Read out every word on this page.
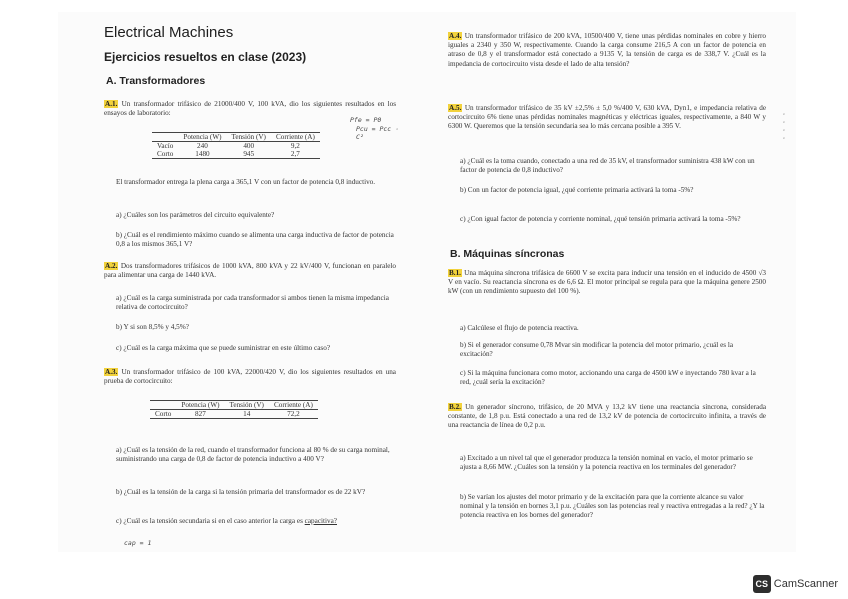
Electrical Machines
Ejercicios resueltos en clase (2023)
A. Transformadores
A.1. Un transformador trifásico de 21000/400 V, 100 kVA, dio los siguientes resultados en los ensayos de laboratorio:
Pfe = P0
Pcu = Pcc · C²
	Potencia (W)	Tensión (V)	Corriente (A)
Vacío	240	400	9,2
Corto	1480	945	2,7
El transformador entrega la plena carga a 365,1 V con un factor de potencia 0,8 inductivo.
a) ¿Cuáles son los parámetros del circuito equivalente?
b) ¿Cuál es el rendimiento máximo cuando se alimenta una carga inductiva de factor de potencia 0,8 a los mismos 365,1 V?
A.2. Dos transformadores trifásicos de 1000 kVA, 800 kVA y 22 kV/400 V, funcionan en paralelo para alimentar una carga de 1440 kVA.
a) ¿Cuál es la carga suministrada por cada transformador si ambos tienen la misma impedancia relativa de cortocircuito?
b) Y si son 8,5% y 4,5%?
c) ¿Cuál es la carga máxima que se puede suministrar en este último caso?
A.3. Un transformador trifásico de 100 kVA, 22000/420 V, dio los siguientes resultados en una prueba de cortocircuito:
	Potencia (W)	Tensión (V)	Corriente (A)
Corto	827	14	72,2
a) ¿Cuál es la tensión de la red, cuando el transformador funciona al 80 % de su carga nominal, suministrando una carga de 0,8 de factor de potencia inductivo a 400 V?
b) ¿Cuál es la tensión de la carga si la tensión primaria del transformador es de 22 kV?
c) ¿Cuál es la tensión secundaria si en el caso anterior la carga es capacitiva?
cap = 1
A.4. Un transformador trifásico de 200 kVA, 10500/400 V, tiene unas pérdidas nominales en cobre y hierro iguales a 2340 y 350 W, respectivamente. Cuando la carga consume 216,5 A con un factor de potencia en atraso de 0,8 y el transformador está conectado a 9135 V, la tensión de carga es de 338,7 V. ¿Cuál es la impedancia de cortocircuito vista desde el lado de alta tensión?
A.5. Un transformador trifásico de 35 kV ±2,5% ± 5,0 %/400 V, 630 kVA, Dyn1, e impedancia relativa de cortocircuito 6% tiene unas pérdidas nominales magnéticas y eléctricas iguales, respectivamente, a 840 W y 6300 W. Queremos que la tensión secundaria sea lo más cercana posible a 395 V.
· · · ·
a) ¿Cuál es la toma cuando, conectado a una red de 35 kV, el transformador suministra 438 kW con un factor de potencia de 0,8 inductivo?
b) Con un factor de potencia igual, ¿qué corriente primaria activará la toma -5%?
c) ¿Con igual factor de potencia y corriente nominal, ¿qué tensión primaria activará la toma -5%?
B. Máquinas síncronas
B.1. Una máquina síncrona trifásica de 6600 V se excita para inducir una tensión en el inducido de 4500 √3 V en vacío. Su reactancia síncrona es de 6,6 Ω. El motor principal se regula para que la máquina genere 2500 kW (con un rendimiento supuesto del 100 %).
a) Calcúlese el flujo de potencia reactiva.
b) Si el generador consume 0,78 Mvar sin modificar la potencia del motor primario, ¿cuál es la excitación?
c) Si la máquina funcionara como motor, accionando una carga de 4500 kW e inyectando 780 kvar a la red, ¿cuál sería la excitación?
B.2. Un generador síncrono, trifásico, de 20 MVA y 13,2 kV tiene una reactancia síncrona, considerada constante, de 1,8 p.u. Está conectado a una red de 13,2 kV de potencia de cortocircuito infinita, a través de una reactancia de línea de 0,2 p.u.
a) Excitado a un nivel tal que el generador produzca la tensión nominal en vacío, el motor primario se ajusta a 8,66 MW. ¿Cuáles son la tensión y la potencia reactiva en los terminales del generador?
b) Se varían los ajustes del motor primario y de la excitación para que la corriente alcance su valor nominal y la tensión en bornes 3,1 p.u. ¿Cuáles son las potencias real y reactiva entregadas a la red? ¿Y la potencia reactiva en los bornes del generador?
CS CamScanner
